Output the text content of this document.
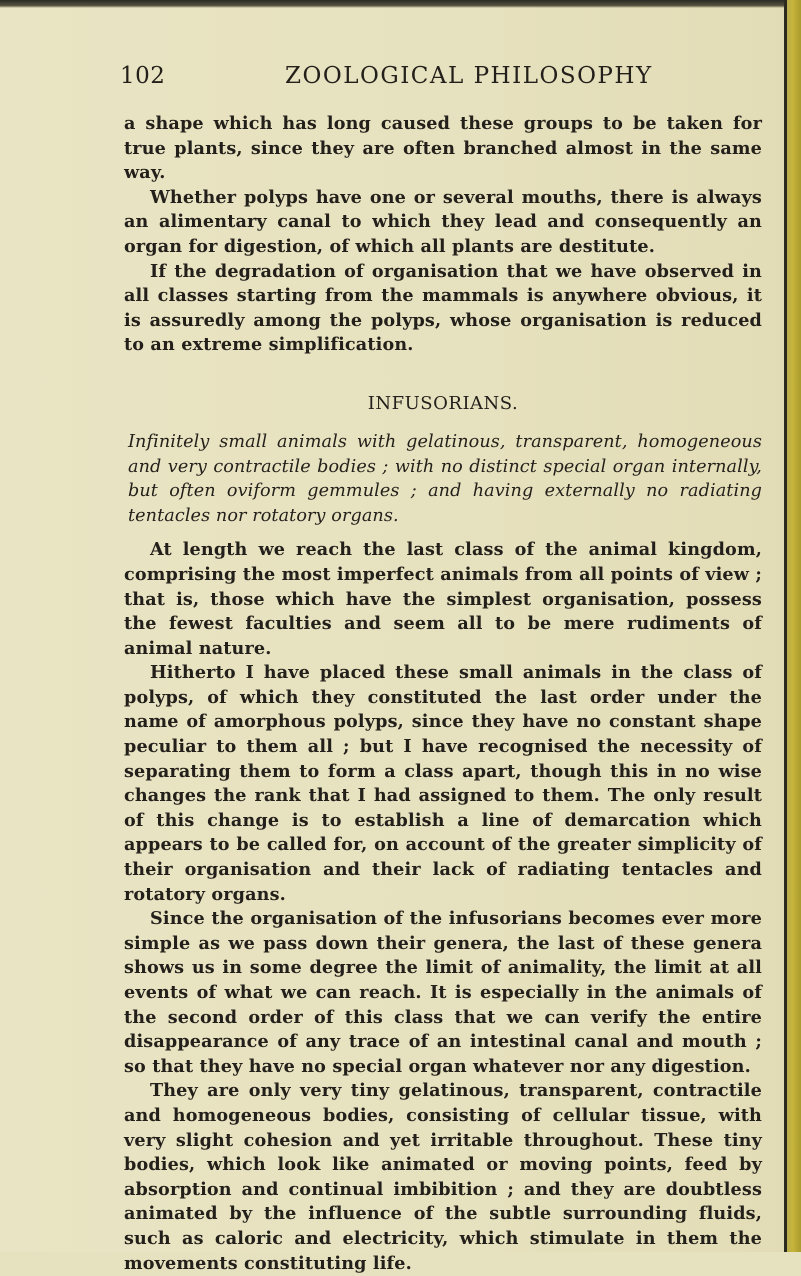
102	ZOOLOGICAL PHILOSOPHY

a shape which has long caused these groups to be taken for true plants, since they are often branched almost in the same way.

Whether polyps have one or several mouths, there is always an alimentary canal to which they lead and consequently an organ for digestion, of which all plants are destitute.

If the degradation of organisation that we have observed in all classes starting from the mammals is anywhere obvious, it is assuredly among the polyps, whose organisation is reduced to an extreme simplification.

INFUSORIANS.

Infinitely small animals with gelatinous, transparent, homogeneous and very contractile bodies ; with no distinct special organ internally, but often oviform gemmules ; and having externally no radiating tentacles nor rotatory organs.

At length we reach the last class of the animal kingdom, comprising the most imperfect animals from all points of view ; that is, those which have the simplest organisation, possess the fewest faculties and seem all to be mere rudiments of animal nature.

Hitherto I have placed these small animals in the class of polyps, of which they constituted the last order under the name of amorphous polyps, since they have no constant shape peculiar to them all ; but I have recognised the necessity of separating them to form a class apart, though this in no wise changes the rank that I had assigned to them. The only result of this change is to establish a line of demarcation which appears to be called for, on account of the greater simplicity of their organisation and their lack of radiating tentacles and rotatory organs.

Since the organisation of the infusorians becomes ever more simple as we pass down their genera, the last of these genera shows us in some degree the limit of animality, the limit at all events of what we can reach. It is especially in the animals of the second order of this class that we can verify the entire disappearance of any trace of an intestinal canal and mouth ; so that they have no special organ whatever nor any digestion.

They are only very tiny gelatinous, transparent, contractile and homogeneous bodies, consisting of cellular tissue, with very slight cohesion and yet irritable throughout. These tiny bodies, which look like animated or moving points, feed by absorption and continual imbibition ; and they are doubtless animated by the influence of the subtle surrounding fluids, such as caloric and electricity, which stimulate in them the movements constituting life.
